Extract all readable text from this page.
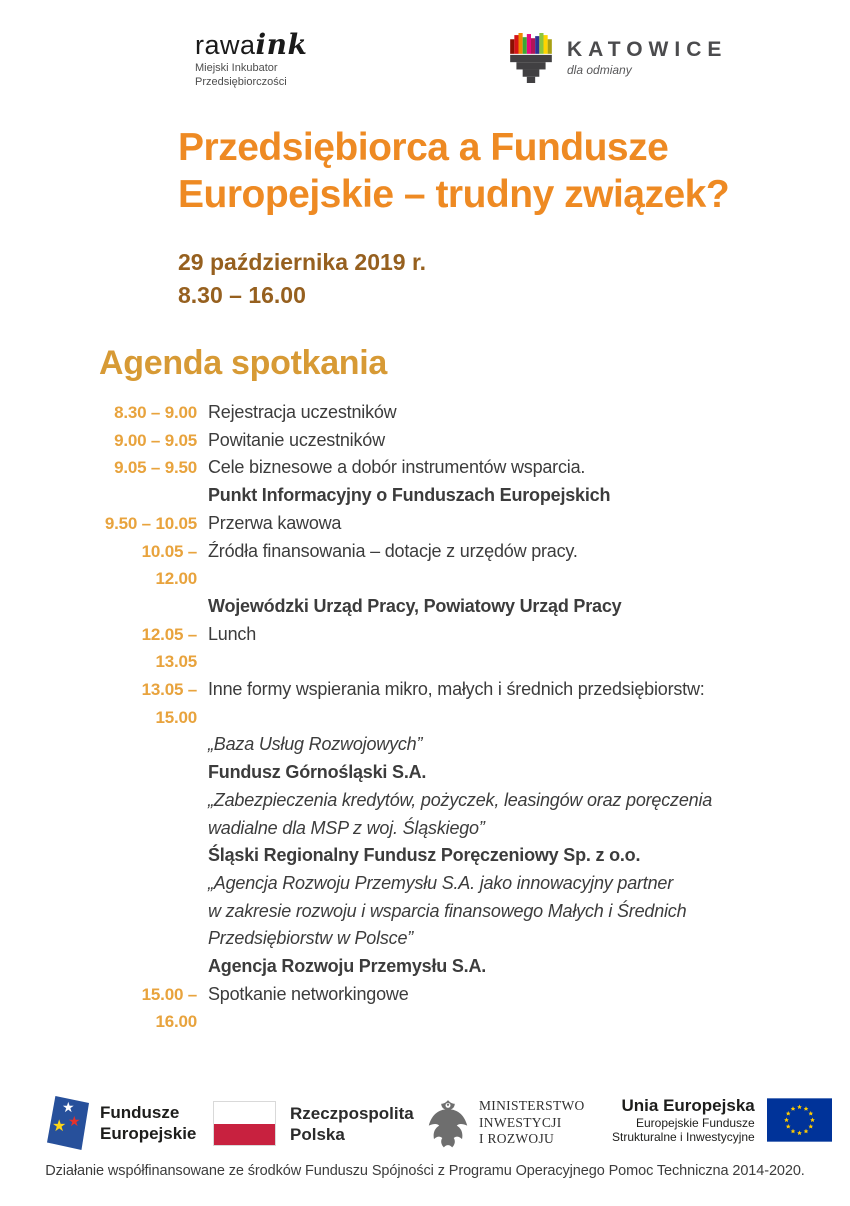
rawaink
Miejski Inkubator
Przedsiębiorczości
KATOWICE
dla odmiany
Przedsiębiorca a Fundusze
Europejskie – trudny związek?
29 października 2019 r.
8.30 – 16.00
Agenda spotkania
8.30 – 9.00 Rejestracja uczestników
9.00 – 9.05 Powitanie uczestników
9.05 – 9.50 Cele biznesowe a dobór instrumentów wsparcia.
Punkt Informacyjny o Funduszach Europejskich
9.50 – 10.05 Przerwa kawowa
10.05 – 12.00
Źródła finansowania – dotacje z urzędów pracy.
Wojewódzki Urząd Pracy, Powiatowy Urząd Pracy
12.05 – 13.05
Lunch
13.05 – 15.00
Inne formy wspierania mikro, małych i średnich przedsiębiorstw:
„Baza Usług Rozwojowych”
Fundusz Górnośląski S.A.
„Zabezpieczenia kredytów, pożyczek, leasingów oraz poręczenia
wadialne dla MSP z woj. Śląskiego”
Śląski Regionalny Fundusz Poręczeniowy Sp. z o.o.
„Agencja Rozwoju Przemysłu S.A. jako innowacyjny partner
w zakresie rozwoju i wsparcia finansowego Małych i Średnich
Przedsiębiorstw w Polsce”
Agencja Rozwoju Przemysłu S.A.
15.00 – 16.00
Spotkanie networkingowe
★
★
★
Fundusze
Europejskie
Rzeczpospolita
Polska
MINISTERSTWO
INWESTYCJI
I ROZWOJU
Unia Europejska
Europejskie Fundusze
Strukturalne i Inwestycyjne
Działanie współfinansowane ze środków Funduszu Spójności z Programu Operacyjnego Pomoc Techniczna 2014-2020.
